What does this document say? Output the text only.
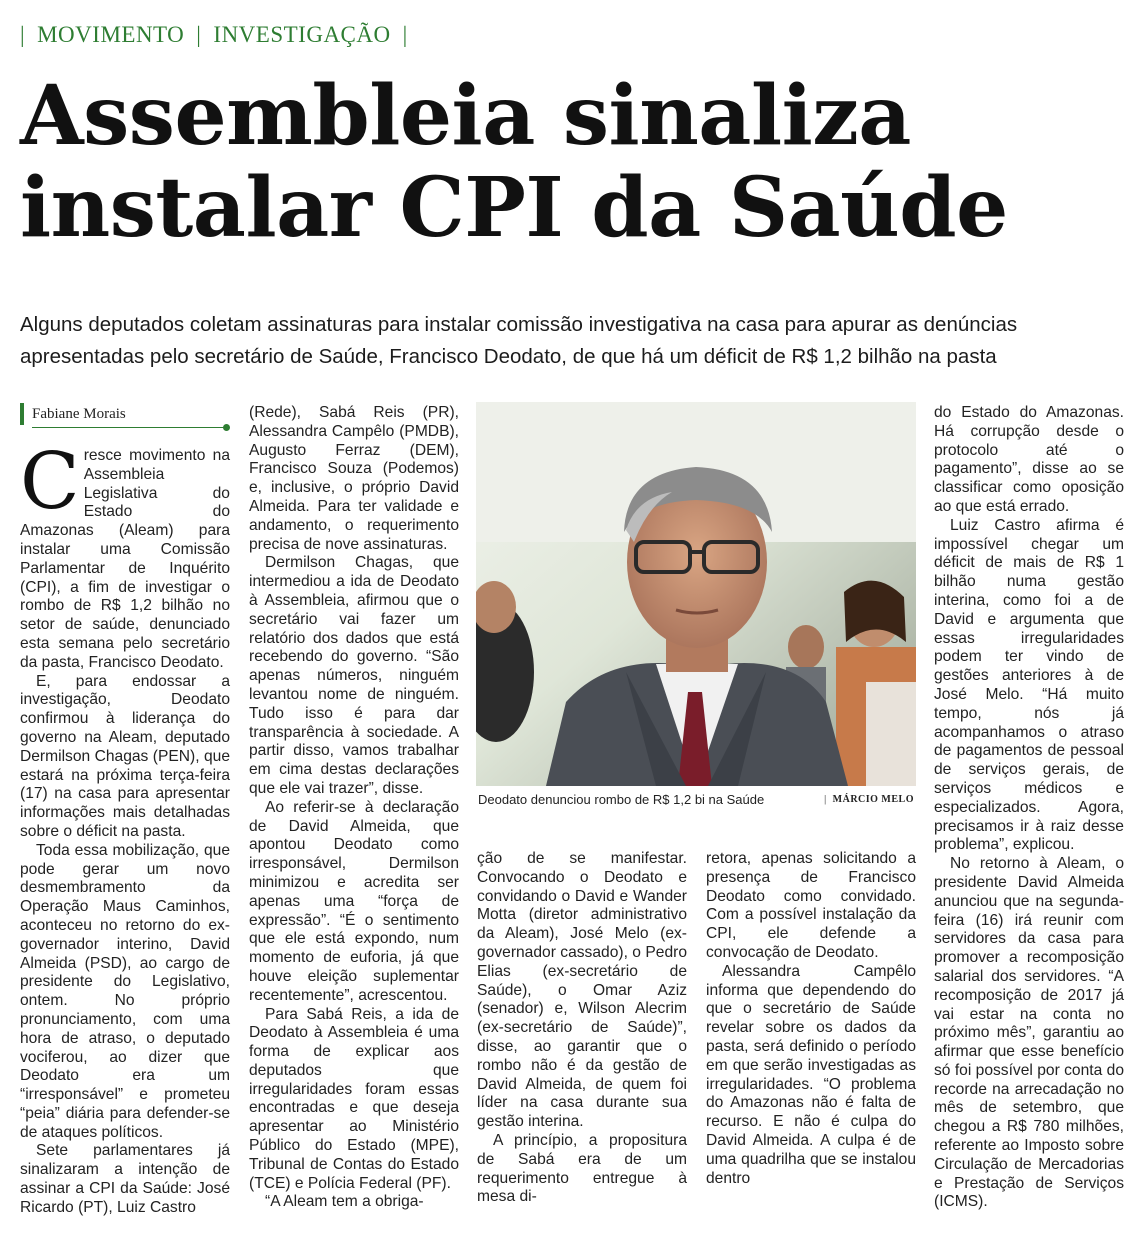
| MOVIMENTO | INVESTIGAÇÃO |
Assembleia sinaliza
instalar CPI da Saúde

Alguns deputados coletam assinaturas para instalar comissão investigativa na casa para apurar as denúncias apresentadas pelo secretário de Saúde, Francisco Deodato, de que há um déficit de R$ 1,2 bilhão na pasta

Fabiane Morais

Cresce movimento na Assembleia Legislativa do Estado do Amazonas (Aleam) para instalar uma Comissão Parlamentar de Inquérito (CPI), a fim de investigar o rombo de R$ 1,2 bilhão no setor de saúde, denunciado esta semana pelo secretário da pasta, Francisco Deodato.

E, para endossar a investigação, Deodato confirmou à liderança do governo na Aleam, deputado Dermilson Chagas (PEN), que estará na próxima terça-feira (17) na casa para apresentar informações mais detalhadas sobre o déficit na pasta.

Toda essa mobilização, que pode gerar um novo desmembramento da Operação Maus Caminhos, aconteceu no retorno do ex-governador interino, David Almeida (PSD), ao cargo de presidente do Legislativo, ontem. No próprio pronunciamento, com uma hora de atraso, o deputado vociferou, ao dizer que Deodato era um “irresponsável” e prometeu “peia” diária para defender-se de ataques políticos.

Sete parlamentares já sinalizaram a intenção de assinar a CPI da Saúde: José Ricardo (PT), Luiz Castro

(Rede), Sabá Reis (PR), Alessandra Campêlo (PMDB), Augusto Ferraz (DEM), Francisco Souza (Podemos) e, inclusive, o próprio David Almeida. Para ter validade e andamento, o requerimento precisa de nove assinaturas.

Dermilson Chagas, que intermediou a ida de Deodato à Assembleia, afirmou que o secretário vai fazer um relatório dos dados que está recebendo do governo. “São apenas números, ninguém levantou nome de ninguém. Tudo isso é para dar transparência à sociedade. A partir disso, vamos trabalhar em cima destas declarações que ele vai trazer”, disse.

Ao referir-se à declaração de David Almeida, que apontou Deodato como irresponsável, Dermilson minimizou e acredita ser apenas uma “força de expressão”. “É o sentimento que ele está expondo, num momento de euforia, já que houve eleição suplementar recentemente”, acrescentou.

Para Sabá Reis, a ida de Deodato à Assembleia é uma forma de explicar aos deputados que irregularidades foram essas encontradas e que deseja apresentar ao Ministério Público do Estado (MPE), Tribunal de Contas do Estado (TCE) e Polícia Federal (PF).

“A Aleam tem a obriga-

Deodato denunciou rombo de R$ 1,2 bi na Saúde	| MÁRCIO MELO

ção de se manifestar. Convocando o Deodato e convidando o David e Wander Motta (diretor administrativo da Aleam), José Melo (ex-governador cassado), o Pedro Elias (ex-secretário de Saúde), o Omar Aziz (senador) e, Wilson Alecrim (ex-secretário de Saúde)”, disse, ao garantir que o rombo não é da gestão de David Almeida, de quem foi líder na casa durante sua gestão interina.

A princípio, a propositura de Sabá era de um requerimento entregue à mesa di-

retora, apenas solicitando a presença de Francisco Deodato como convidado. Com a possível instalação da CPI, ele defende a convocação de Deodato.

Alessandra Campêlo informa que dependendo do que o secretário de Saúde revelar sobre os dados da pasta, será definido o período em que serão investigadas as irregularidades. “O problema do Amazonas não é falta de recurso. E não é culpa do David Almeida. A culpa é de uma quadrilha que se instalou dentro

do Estado do Amazonas. Há corrupção desde o protocolo até o pagamento”, disse ao se classificar como oposição ao que está errado.

Luiz Castro afirma é impossível chegar um déficit de mais de R$ 1 bilhão numa gestão interina, como foi a de David e argumenta que essas irregularidades podem ter vindo de gestões anteriores à de José Melo. “Há muito tempo, nós já acompanhamos o atraso de pagamentos de pessoal de serviços gerais, de serviços médicos e especializados. Agora, precisamos ir à raiz desse problema”, explicou.

No retorno à Aleam, o presidente David Almeida anunciou que na segunda-feira (16) irá reunir com servidores da casa para promover a recomposição salarial dos servidores. “A recomposição de 2017 já vai estar na conta no próximo mês”, garantiu ao afirmar que esse benefício só foi possível por conta do recorde na arrecadação no mês de setembro, que chegou a R$ 780 milhões, referente ao Imposto sobre Circulação de Mercadorias e Prestação de Serviços (ICMS).
